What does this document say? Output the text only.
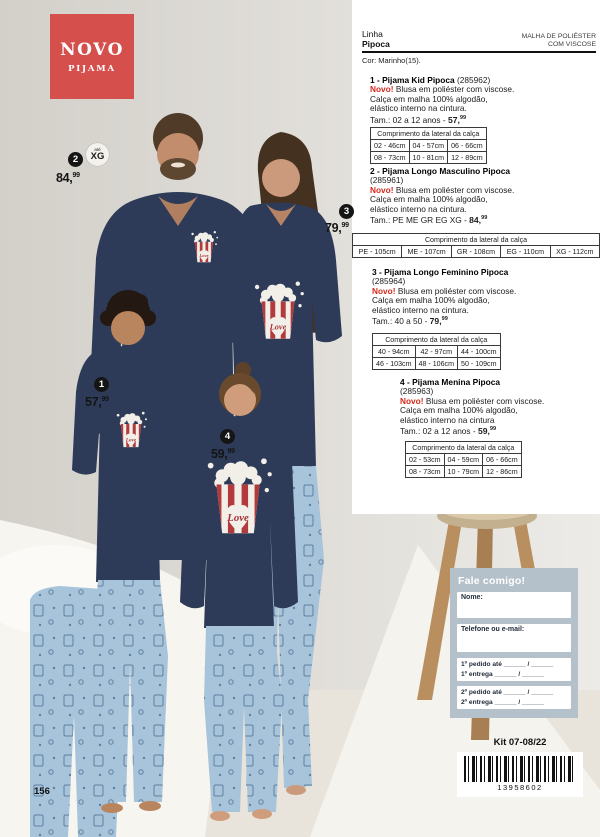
NOVO
PIJAMA
2
84,99
até
XG
3
79,99
1
57,99
4
59,99
Linha
Pipoca
MALHA DE POLIÉSTER
COM VISCOSE
Cor: Marinho(15).
1 - Pijama Kid Pipoca (285962)
Novo! Blusa em poliéster com viscose.
Calça em malha 100% algodão,
elástico interno na cintura.
Tam.: 02 a 12 anos - 57,99
Comprimento da lateral da calça		
02 - 46cm	04 - 57cm	06 - 66cm
08 - 73cm	10 - 81cm	12 - 89cm
2 - Pijama Longo Masculino Pipoca
(285961)
Novo! Blusa em poliéster com viscose.
Calça em malha 100% algodão,
elástico interno na cintura.
Tam.: PE ME GR EG XG - 84,99
Comprimento da lateral da calça
PE - 105cm	ME - 107cm	GR - 108cm	EG - 110cm	XG - 112cm
3 - Pijama Longo Feminino Pipoca
(285964)
Novo! Blusa em poliéster com viscose.
Calça em malha 100% algodão,
elástico interno na cintura.
Tam.: 40 a 50 - 79,99
Comprimento da lateral da calça		
40 - 94cm	42 - 97cm	44 - 100cm
46 - 103cm	48 - 106cm	50 - 109cm
4 - Pijama Menina Pipoca
(285963)
Novo! Blusa em poliéster com viscose.
Calça em malha 100% algodão,
elástico interno na cintura
Tam.: 02 a 12 anos - 59,99
Comprimento da lateral da calça		
02 - 53cm	04 - 59cm	06 - 66cm
08 - 73cm	10 - 79cm	12 - 86cm
Fale comigo!
Nome:
Telefone ou e-mail:
1º pedido até ______ / ______
1º entrega ______ / ______
2º pedido até ______ / ______
2º entrega ______ / ______
Kit 07-08/22
13958602
156
